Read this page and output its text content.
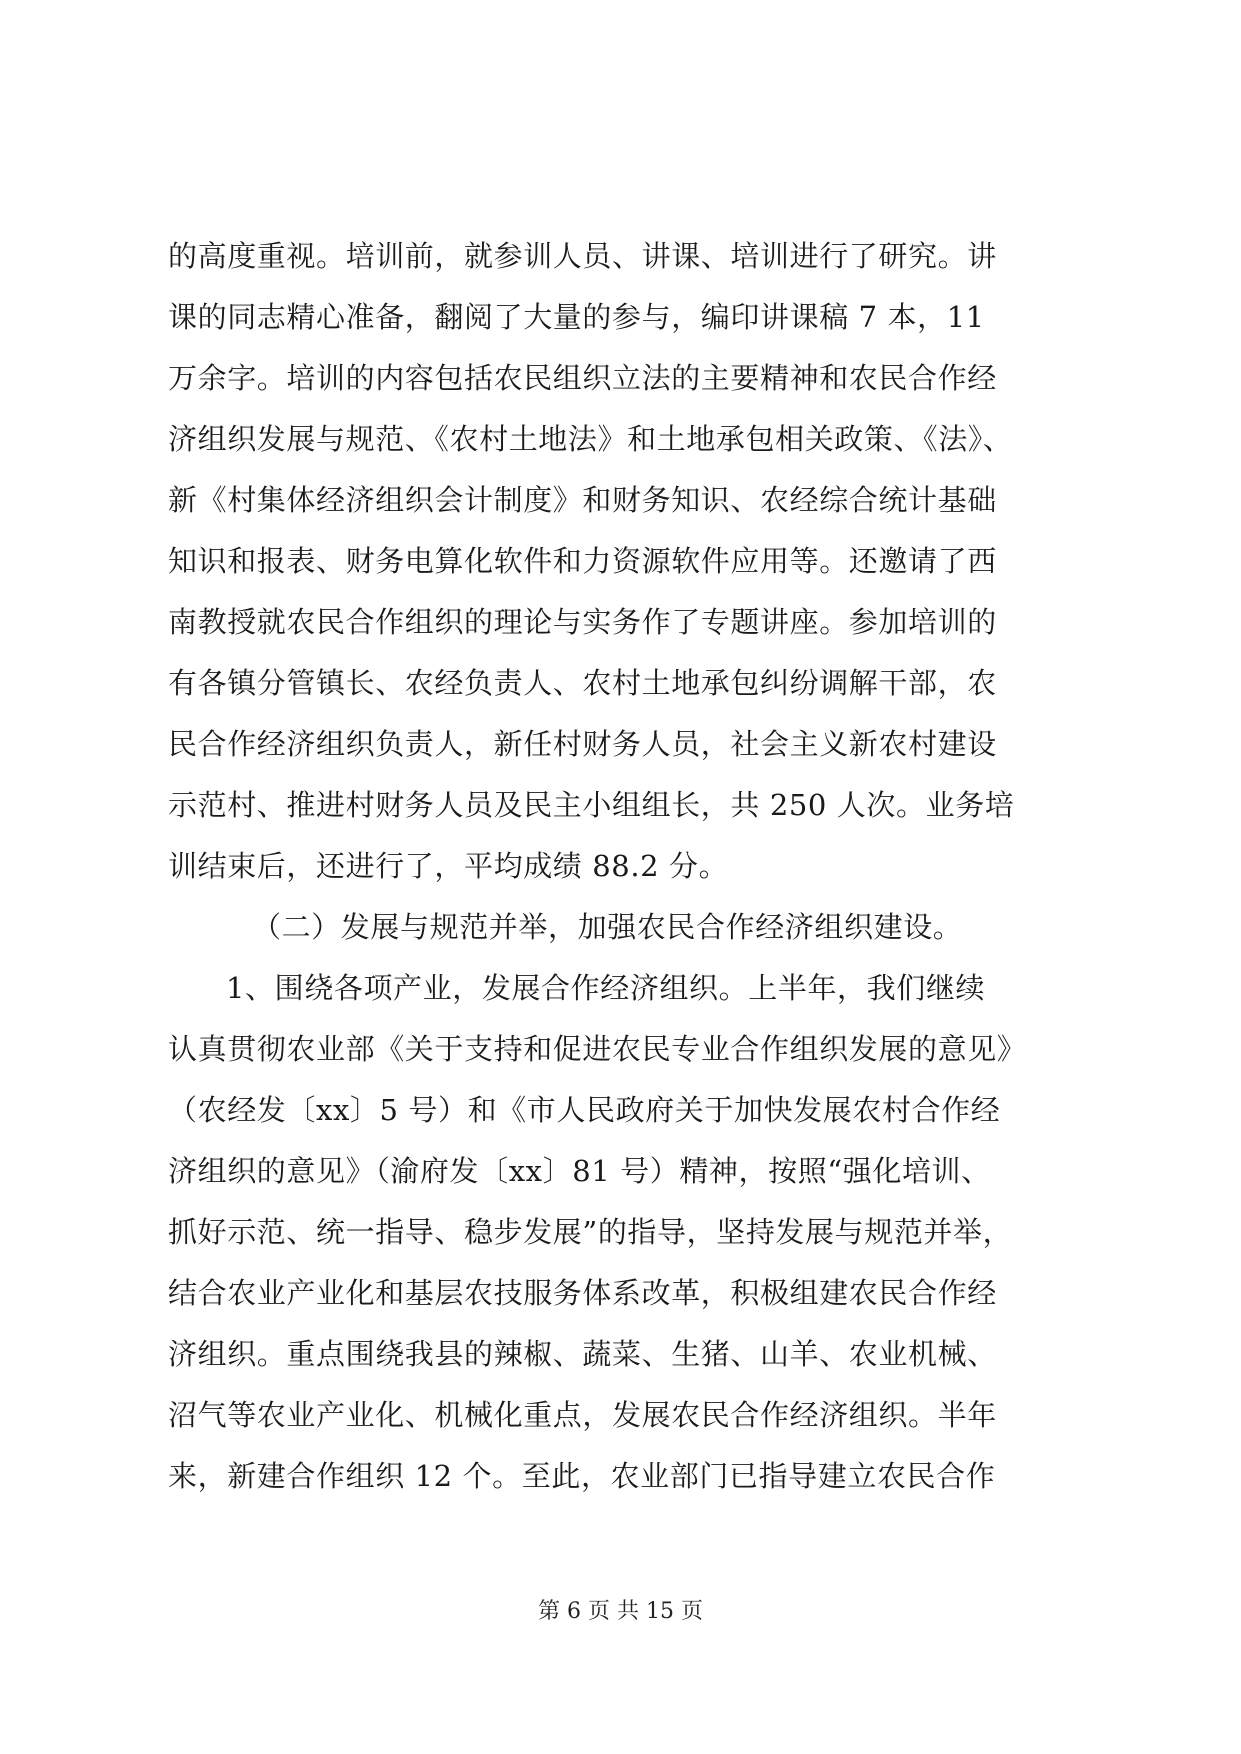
的高度重视。培训前，就参训人员、讲课、培训进行了研究。讲
课的同志精心准备，翻阅了大量的参与，编印讲课稿 7 本，11
万余字。培训的内容包括农民组织立法的主要精神和农民合作经
济组织发展与规范、《农村土地法》和土地承包相关政策、《法》、
新《村集体经济组织会计制度》和财务知识、农经综合统计基础
知识和报表、财务电算化软件和力资源软件应用等。还邀请了西
南教授就农民合作组织的理论与实务作了专题讲座。参加培训的
有各镇分管镇长、农经负责人、农村土地承包纠纷调解干部，农
民合作经济组织负责人，新任村财务人员，社会主义新农村建设
示范村、推进村财务人员及民主小组组长，共 250 人次。业务培
训结束后，还进行了，平均成绩 88.2 分。
（二）发展与规范并举，加强农民合作经济组织建设。
1、围绕各项产业，发展合作经济组织。上半年，我们继续
认真贯彻农业部《关于支持和促进农民专业合作组织发展的意见》
（农经发〔xx〕5 号）和《市人民政府关于加快发展农村合作经
济组织的意见》（渝府发〔xx〕81 号）精神，按照“强化培训、
抓好示范、统一指导、稳步发展”的指导，坚持发展与规范并举，
结合农业产业化和基层农技服务体系改革，积极组建农民合作经
济组织。重点围绕我县的辣椒、蔬菜、生猪、山羊、农业机械、
沼气等农业产业化、机械化重点，发展农民合作经济组织。半年
来，新建合作组织 12 个。至此，农业部门已指导建立农民合作
第 6 页 共 15 页
